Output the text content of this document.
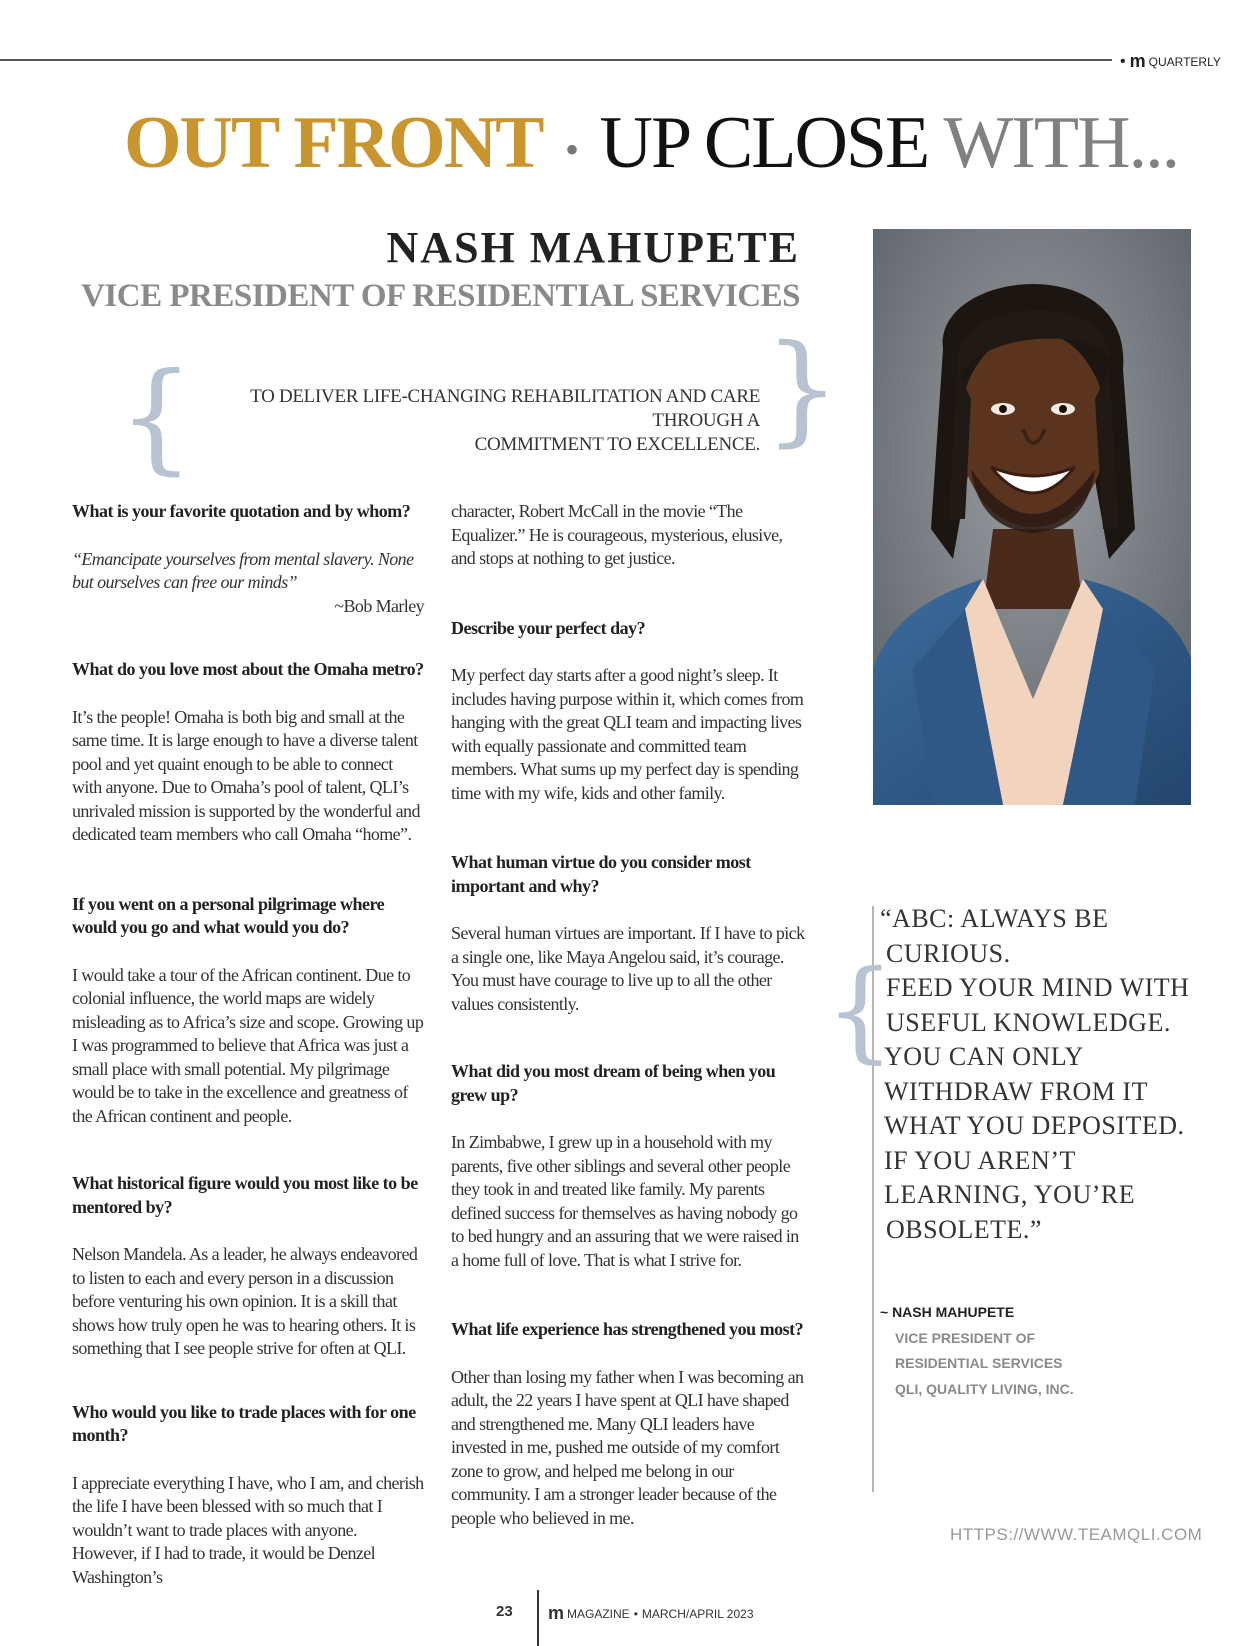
• m QUARTERLY
OUT FRONT • UP CLOSE WITH...
NASH MAHUPETE
VICE PRESIDENT OF RESIDENTIAL SERVICES
{	}
TO DELIVER LIFE-CHANGING REHABILITATION AND CARE THROUGH A
COMMITMENT TO EXCELLENCE.
What is your favorite quotation and by whom?
“Emancipate yourselves from mental slavery. None but ourselves can free our minds”
~Bob Marley
What do you love most about the Omaha metro?
It’s the people! Omaha is both big and small at the same time. It is large enough to have a diverse talent pool and yet quaint enough to be able to connect with anyone. Due to Omaha’s pool of talent, QLI’s unrivaled mission is supported by the wonderful and dedicated team members who call Omaha “home”.
If you went on a personal pilgrimage where would you go and what would you do?
I would take a tour of the African continent. Due to colonial influence, the world maps are widely misleading as to Africa’s size and scope. Growing up I was programmed to believe that Africa was just a small place with small potential. My pilgrimage would be to take in the excellence and greatness of the African continent and people.
What historical figure would you most like to be mentored by?
Nelson Mandela. As a leader, he always endeavored to listen to each and every person in a discussion before venturing his own opinion. It is a skill that shows how truly open he was to hearing others. It is something that I see people strive for often at QLI.
Who would you like to trade places with for one month?
I appreciate everything I have, who I am, and cherish the life I have been blessed with so much that I wouldn’t want to trade places with anyone. However, if I had to trade, it would be Denzel Washington’s
character, Robert McCall in the movie “The Equalizer.” He is courageous, mysterious, elusive, and stops at nothing to get justice.
Describe your perfect day?
My perfect day starts after a good night’s sleep. It includes having purpose within it, which comes from hanging with the great QLI team and impacting lives with equally passionate and committed team members. What sums up my perfect day is spending time with my wife, kids and other family.
What human virtue do you consider most important and why?
Several human virtues are important. If I have to pick a single one, like Maya Angelou said, it’s courage. You must have courage to live up to all the other values consistently.
What did you most dream of being when you grew up?
In Zimbabwe, I grew up in a household with my parents, five other siblings and several other people they took in and treated like family. My parents defined success for themselves as having nobody go to bed hungry and an assuring that we were raised in a home full of love. That is what I strive for.
What life experience has strengthened you most?
Other than losing my father when I was becoming an adult, the 22 years I have spent at QLI have shaped and strengthened me. Many QLI leaders have invested in me, pushed me outside of my comfort zone to grow, and helped me belong in our community. I am a stronger leader because of the people who believed in me.
{
“ABC: ALWAYS BE
CURIOUS.
FEED YOUR MIND WITH
USEFUL KNOWLEDGE.
YOU CAN ONLY
WITHDRAW FROM IT
WHAT YOU DEPOSITED.
IF YOU AREN’T
LEARNING, YOU’RE
OBSOLETE.”
~ NASH MAHUPETE
VICE PRESIDENT OF
RESIDENTIAL SERVICES
QLI, QUALITY LIVING, INC.
HTTPS://WWW.TEAMQLI.COM
23 m MAGAZINE • MARCH/APRIL 2023
